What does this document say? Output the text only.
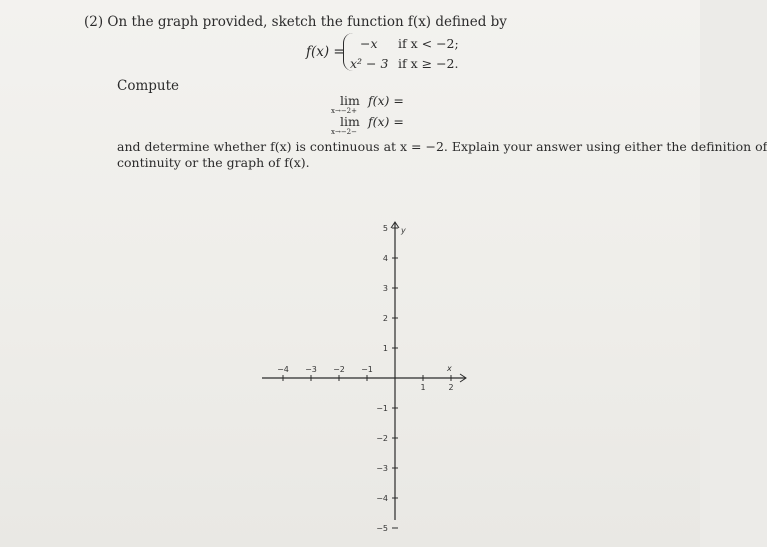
(2) On the graph provided, sketch the function f(x) defined by
f(x) =
−x if x < −2;
x² − 3 if x ≥ −2.
Compute
lim
x→−2+
f(x) =
lim
x→−2−
f(x) =
and determine whether f(x) is continuous at x = −2. Explain your answer using either the definition of
continuity or the graph of f(x).
x
y
−4 −3 −2 −1
1	2
1
2
3
4
5
−1
−2
−3
−4
−5
